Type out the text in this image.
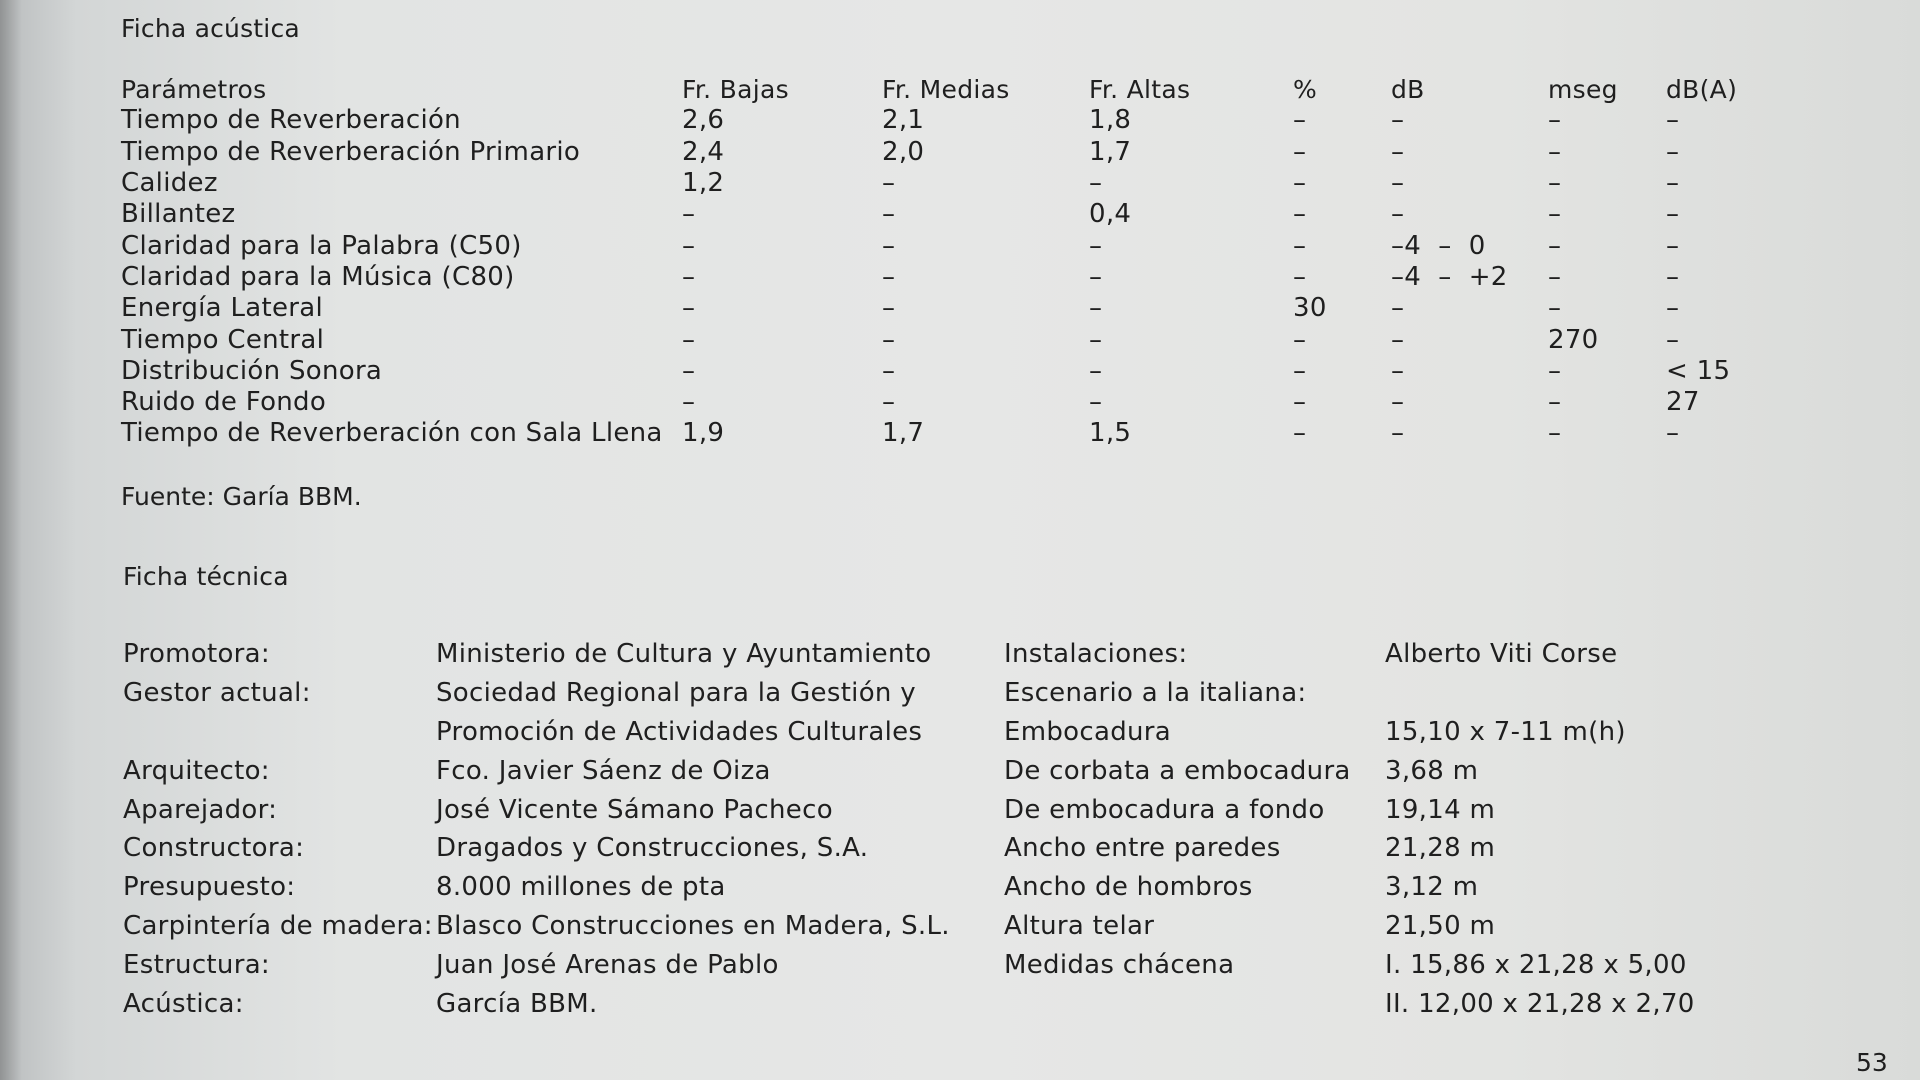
Ficha acústica
Parámetros	Fr. Bajas	Fr. Medias	Fr. Altas	%	dB	mseg	dB(A)
Tiempo de Reverberación	2,6	2,1	1,8	–	–	–	–
Tiempo de Reverberación Primario	2,4	2,0	1,7	–	–	–	–
Calidez	1,2	–	–	–	–	–	–
Billantez	–	–	0,4	–	–	–	–
Claridad para la Palabra (C50)	–	–	–	–	–4  –  0	–	–
Claridad para la Música (C80)	–	–	–	–	–4  –  +2	–	–
Energía Lateral	–	–	–	30	–	–	–
Tiempo Central	–	–	–	–	–	270	–
Distribución Sonora	–	–	–	–	–	–	< 15
Ruido de Fondo	–	–	–	–	–	–	27
Tiempo de Reverberación con Sala Llena	1,9	1,7	1,5	–	–	–	–
Fuente: Garía BBM.
Ficha técnica
Promotora:	Ministerio de Cultura y Ayuntamiento	Instalaciones:	Alberto Viti Corse
Gestor actual:	Sociedad Regional para la Gestión y	Escenario a la italiana:	
	Promoción de Actividades Culturales	Embocadura	15,10 x 7-11 m(h)
Arquitecto:	Fco. Javier Sáenz de Oiza	De corbata a embocadura	3,68 m
Aparejador:	José Vicente Sámano Pacheco	De embocadura a fondo	19,14 m
Constructora:	Dragados y Construcciones, S.A.	Ancho entre paredes	21,28 m
Presupuesto:	8.000 millones de pta	Ancho de hombros	3,12 m
Carpintería de madera:	Blasco Construcciones en Madera, S.L.	Altura telar	21,50 m
Estructura:	Juan José Arenas de Pablo	Medidas chácena	I. 15,86 x 21,28 x 5,00
Acústica:	García BBM.		II. 12,00 x 21,28 x 2,70
53
